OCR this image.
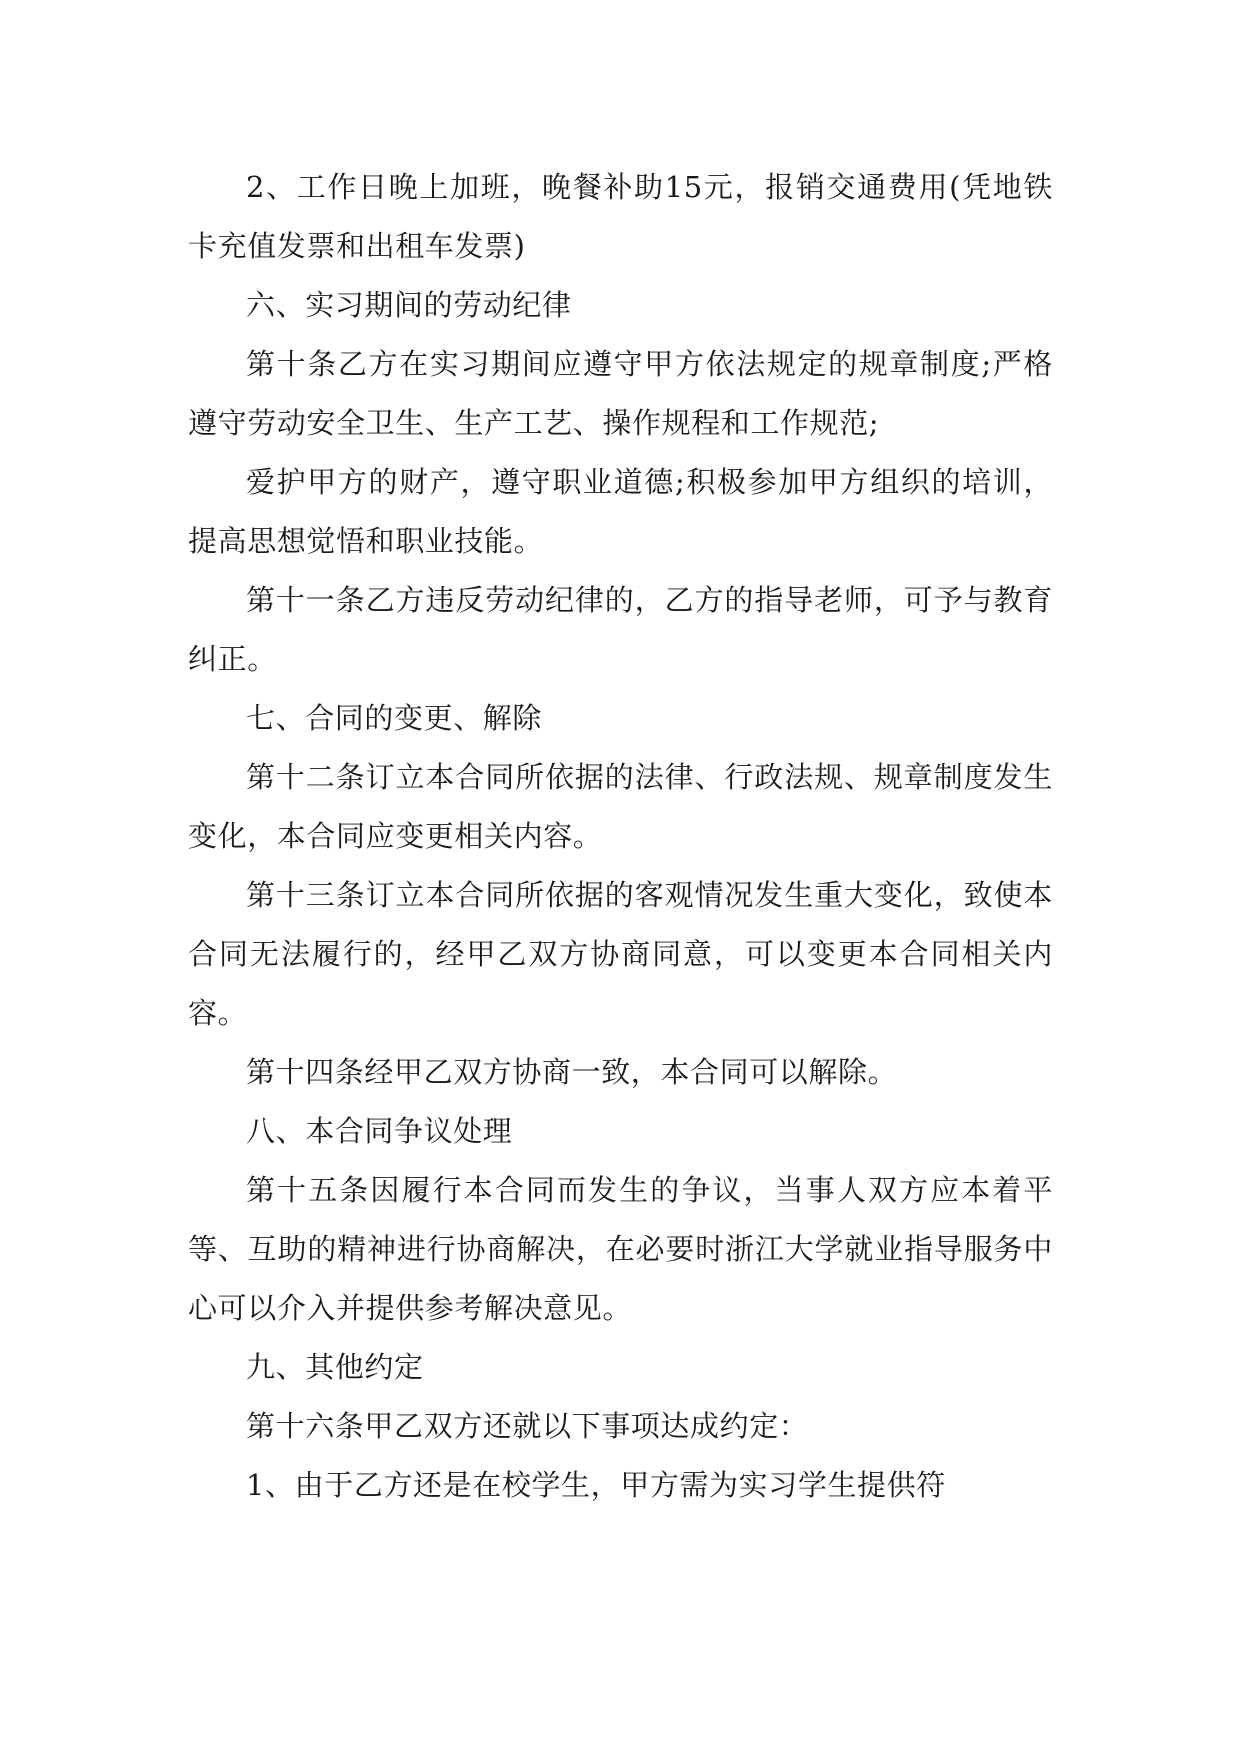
2、工作日晚上加班，晚餐补助15元，报销交通费用(凭地铁卡充值发票和出租车发票)

六、实习期间的劳动纪律

第十条乙方在实习期间应遵守甲方依法规定的规章制度;严格遵守劳动安全卫生、生产工艺、操作规程和工作规范;

爱护甲方的财产，遵守职业道德;积极参加甲方组织的培训，提高思想觉悟和职业技能。

第十一条乙方违反劳动纪律的，乙方的指导老师，可予与教育纠正。

七、合同的变更、解除

第十二条订立本合同所依据的法律、行政法规、规章制度发生变化，本合同应变更相关内容。

第十三条订立本合同所依据的客观情况发生重大变化，致使本合同无法履行的，经甲乙双方协商同意，可以变更本合同相关内容。

第十四条经甲乙双方协商一致，本合同可以解除。

八、本合同争议处理

第十五条因履行本合同而发生的争议，当事人双方应本着平等、互助的精神进行协商解决，在必要时浙江大学就业指导服务中心可以介入并提供参考解决意见。

九、其他约定

第十六条甲乙双方还就以下事项达成约定：

1、由于乙方还是在校学生，甲方需为实习学生提供符
